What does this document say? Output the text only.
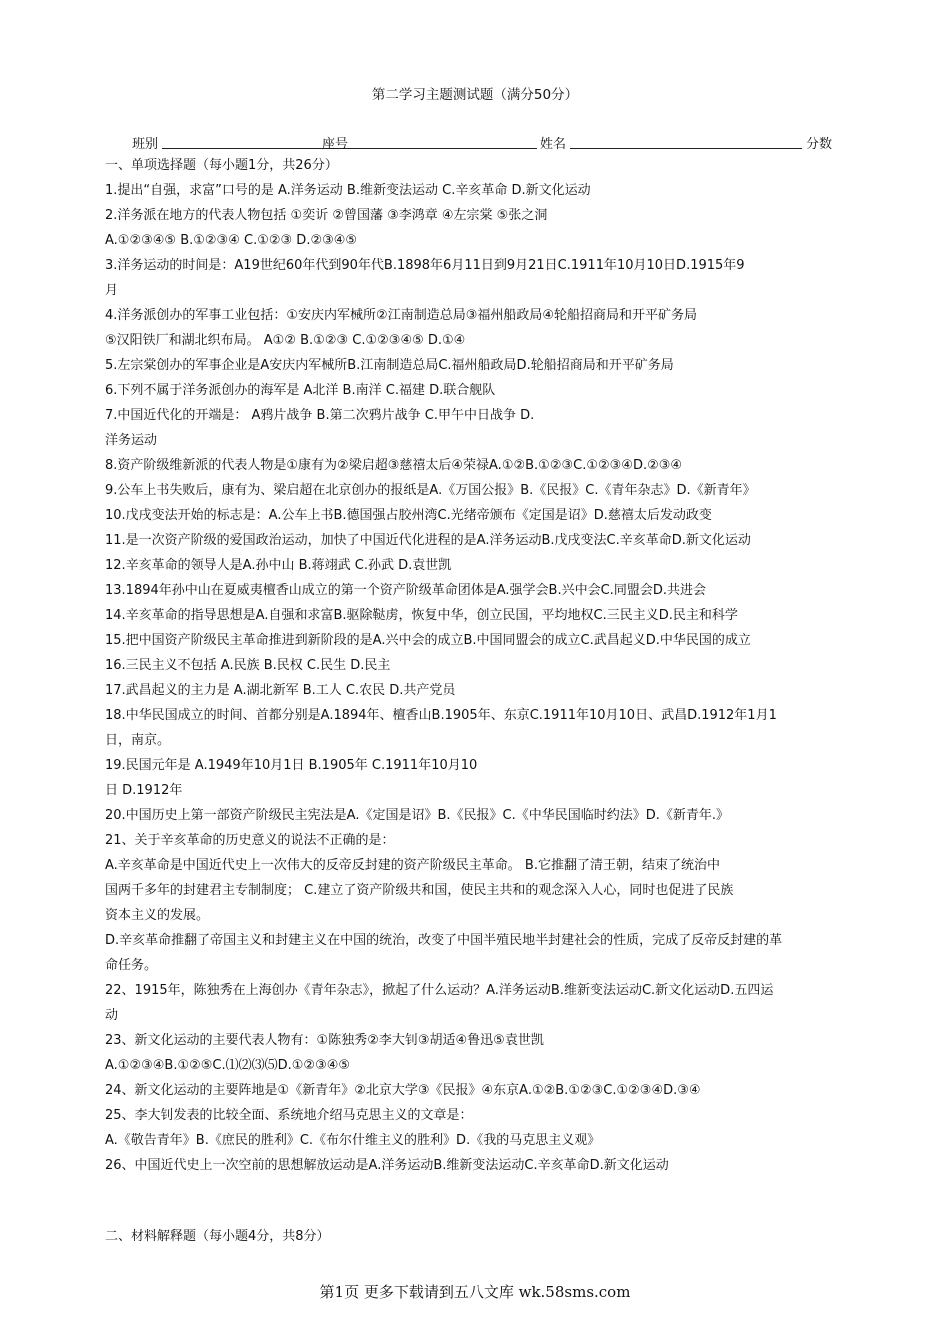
第二学习主题测试题（满分50分）
班别	座号	姓名	分数
一、单项选择题（每小题1分，共26分）
1.提出“自强，求富”口号的是 A.洋务运动 B.维新变法运动 C.辛亥革命 D.新文化运动
2.洋务派在地方的代表人物包括 ①奕䜣 ②曾国藩 ③李鸿章 ④左宗棠 ⑤张之洞
A.①②③④⑤ B.①②③④ C.①②③ D.②③④⑤
3.洋务运动的时间是：A19世纪60年代到90年代B.1898年6月11日到9月21日C.1911年10月10日D.1915年9
月
4.洋务派创办的军事工业包括：①安庆内军械所②江南制造总局③福州船政局④轮船招商局和开平矿务局
⑤汉阳铁厂和湖北织布局。 A①② B.①②③ C.①②③④⑤ D.①④
5.左宗棠创办的军事企业是A安庆内军械所B.江南制造总局C.福州船政局D.轮船招商局和开平矿务局
6.下列不属于洋务派创办的海军是 A北洋 B.南洋 C.福建 D.联合舰队
7.中国近代化的开端是： A鸦片战争 B.第二次鸦片战争 C.甲午中日战争 D.
洋务运动
8.资产阶级维新派的代表人物是①康有为②梁启超③慈禧太后④荣禄A.①②B.①②③C.①②③④D.②③④
9.公车上书失败后，康有为、梁启超在北京创办的报纸是A.《万国公报》B.《民报》C.《青年杂志》D.《新青年》
10.戊戌变法开始的标志是：A.公车上书B.德国强占胶州湾C.光绪帝颁布《定国是诏》D.慈禧太后发动政变
11.是一次资产阶级的爱国政治运动，加快了中国近代化进程的是A.洋务运动B.戊戌变法C.辛亥革命D.新文化运动
12.辛亥革命的领导人是A.孙中山 B.蒋翊武 C.孙武 D.袁世凯
13.1894年孙中山在夏威夷檀香山成立的第一个资产阶级革命团体是A.强学会B.兴中会C.同盟会D.共进会
14.辛亥革命的指导思想是A.自强和求富B.驱除鞑虏，恢复中华，创立民国，平均地权C.三民主义D.民主和科学
15.把中国资产阶级民主革命推进到新阶段的是A.兴中会的成立B.中国同盟会的成立C.武昌起义D.中华民国的成立
16.三民主义不包括 A.民族 B.民权 C.民生 D.民主
17.武昌起义的主力是 A.湖北新军 B.工人 C.农民 D.共产党员
18.中华民国成立的时间、首都分别是A.1894年、檀香山B.1905年、东京C.1911年10月10日、武昌D.1912年1月1
日，南京。
19.民国元年是 A.1949年10月1日 B.1905年 C.1911年10月10
日 D.1912年
20.中国历史上第一部资产阶级民主宪法是A.《定国是诏》B.《民报》C.《中华民国临时约法》D.《新青年.》
21、关于辛亥革命的历史意义的说法不正确的是：
A.辛亥革命是中国近代史上一次伟大的反帝反封建的资产阶级民主革命。 B.它推翻了清王朝，结束了统治中
国两千多年的封建君主专制制度； C.建立了资产阶级共和国，使民主共和的观念深入人心，同时也促进了民族
资本主义的发展。
D.辛亥革命推翻了帝国主义和封建主义在中国的统治，改变了中国半殖民地半封建社会的性质，完成了反帝反封建的革
命任务。
22、1915年，陈独秀在上海创办《青年杂志》，掀起了什么运动？A.洋务运动B.维新变法运动C.新文化运动D.五四运
动
23、新文化运动的主要代表人物有：①陈独秀②李大钊③胡适④鲁迅⑤袁世凯
A.①②③④B.①②⑤C.⑴⑵⑶⑸D.①②③④⑤
24、新文化运动的主要阵地是①《新青年》②北京大学③《民报》④东京A.①②B.①②③C.①②③④D.③④
25、李大钊发表的比较全面、系统地介绍马克思主义的文章是：
A.《敬告青年》B.《庶民的胜利》C.《布尔什维主义的胜利》D.《我的马克思主义观》
26、中国近代史上一次空前的思想解放运动是A.洋务运动B.维新变法运动C.辛亥革命D.新文化运动
二、材料解释题（每小题4分，共8分）
第1页 更多下载请到五八文库 wk.58sms.com
